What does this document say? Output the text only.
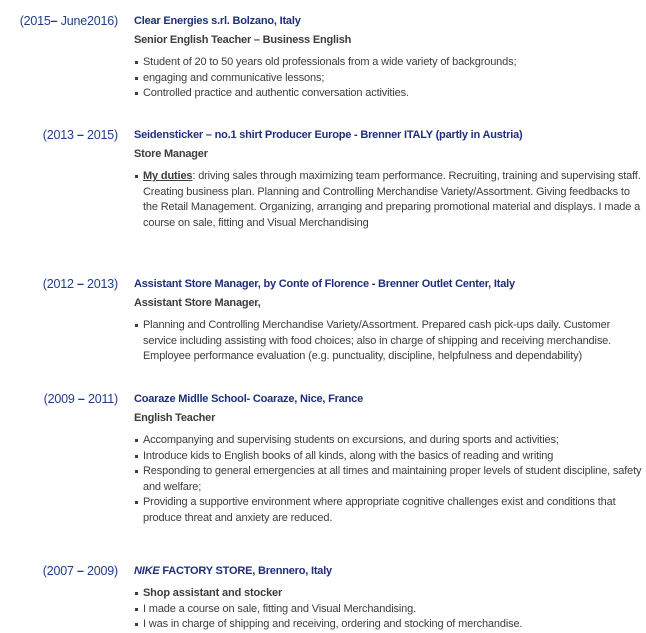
(2015– June2016) Clear Energies s.rl. Bolzano, Italy
Senior English Teacher – Business English
Student of 20 to 50 years old professionals from a wide variety of backgrounds;
engaging and communicative lessons;
Controlled practice and authentic conversation activities.
(2013 – 2015) Seidensticker – no.1 shirt Producer Europe - Brenner ITALY (partly in Austria)
Store Manager
My duties: driving sales through maximizing team performance. Recruiting, training and supervising staff. Creating business plan. Planning and Controlling Merchandise Variety/Assortment. Giving feedbacks to the Retail Management. Organizing, arranging and preparing promotional material and displays. I made a course on sale, fitting and Visual Merchandising
(2012 – 2013) Assistant Store Manager, by Conte of Florence - Brenner Outlet Center, Italy
Assistant Store Manager,
Planning and Controlling Merchandise Variety/Assortment. Prepared cash pick-ups daily. Customer service including assisting with food choices; also in charge of shipping and receiving merchandise. Employee performance evaluation (e.g. punctuality, discipline, helpfulness and dependability)
(2009 – 2011) Coaraze Midlle School- Coaraze, Nice, France
English Teacher
Accompanying and supervising students on excursions, and during sports and activities;
Introduce kids to English books of all kinds, along with the basics of reading and writing
Responding to general emergencies at all times and maintaining proper levels of student discipline, safety and welfare;
Providing a supportive environment where appropriate cognitive challenges exist and conditions that produce threat and anxiety are reduced.
(2007 – 2009) NIKE FACTORY STORE, Brennero, Italy
Shop assistant and stocker
I made a course on sale, fitting and Visual Merchandising.
I was in charge of shipping and receiving, ordering and stocking of merchandise.
